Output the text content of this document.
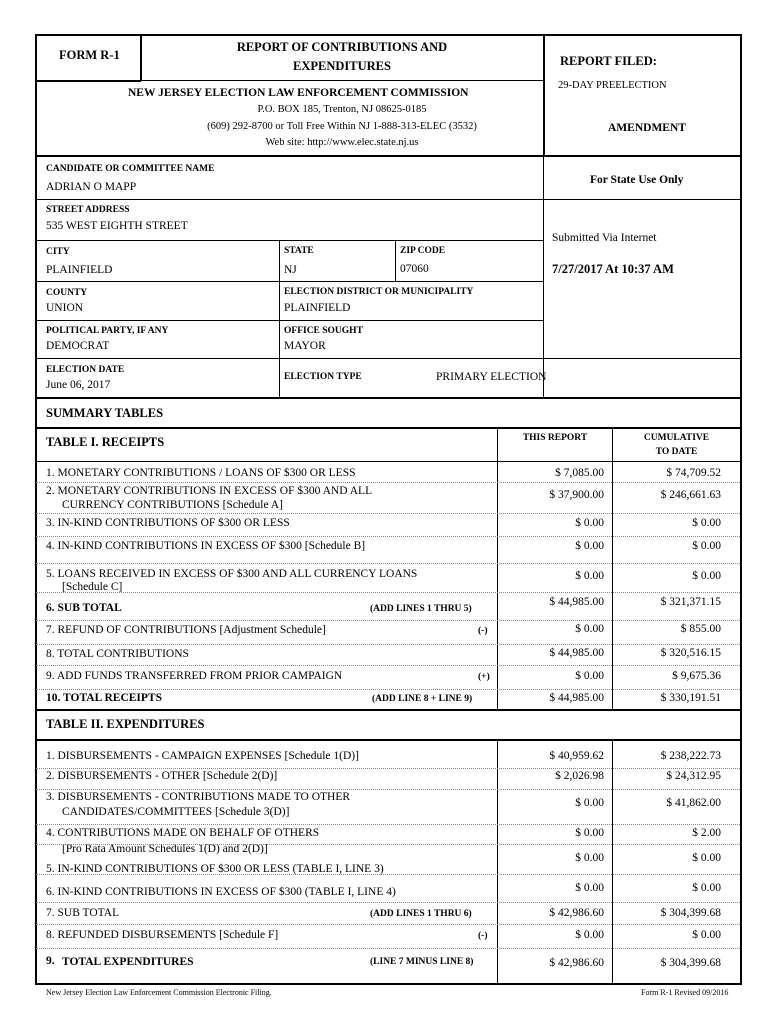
FORM R-1
REPORT OF CONTRIBUTIONS AND
EXPENDITURES
NEW JERSEY ELECTION LAW ENFORCEMENT COMMISSION
P.O. BOX 185, Trenton, NJ 08625-0185
(609) 292-8700 or Toll Free Within NJ 1-888-313-ELEC (3532)
Web site: http://www.elec.state.nj.us
REPORT FILED:
29-DAY PREELECTION
AMENDMENT
For State Use Only
Submitted Via Internet
7/27/2017 At 10:37 AM
CANDIDATE OR COMMITTEE NAME
ADRIAN O MAPP
STREET ADDRESS
535 WEST EIGHTH STREET
CITY
PLAINFIELD
STATE
NJ
ZIP CODE
07060
COUNTY
UNION
ELECTION DISTRICT OR MUNICIPALITY
PLAINFIELD
POLITICAL PARTY, IF ANY
DEMOCRAT
OFFICE SOUGHT
MAYOR
ELECTION DATE
June 06, 2017
ELECTION TYPE	PRIMARY ELECTION
SUMMARY TABLES
TABLE I. RECEIPTS	THIS REPORT	CUMULATIVE
TO DATE
1. MONETARY CONTRIBUTIONS / LOANS OF $300 OR LESS	$ 7,085.00	$ 74,709.52
2. MONETARY CONTRIBUTIONS IN EXCESS OF $300 AND ALL
CURRENCY CONTRIBUTIONS [Schedule A]
$ 37,900.00	$ 246,661.63
3. IN-KIND CONTRIBUTIONS OF $300 OR LESS	$ 0.00	$ 0.00
4. IN-KIND CONTRIBUTIONS IN EXCESS OF $300 [Schedule B]	$ 0.00	$ 0.00
5. LOANS RECEIVED IN EXCESS OF $300 AND ALL CURRENCY LOANS
[Schedule C]
$ 0.00	$ 0.00
6. SUB TOTAL	(ADD LINES 1 THRU 5)
$ 44,985.00	$ 321,371.15
7. REFUND OF CONTRIBUTIONS [Adjustment Schedule]	(-)	$ 0.00	$ 855.00
8. TOTAL CONTRIBUTIONS	$ 44,985.00	$ 320,516.15
9. ADD FUNDS TRANSFERRED FROM PRIOR CAMPAIGN	(+)	$ 0.00	$ 9,675.36
10. TOTAL RECEIPTS	(ADD LINE 8 + LINE 9)	$ 44,985.00	$ 330,191.51
TABLE II. EXPENDITURES
1. DISBURSEMENTS - CAMPAIGN EXPENSES [Schedule 1(D)]	$ 40,959.62	$ 238,222.73
2. DISBURSEMENTS - OTHER [Schedule 2(D)]	$ 2,026.98	$ 24,312.95
3. DISBURSEMENTS - CONTRIBUTIONS MADE TO OTHER
CANDIDATES/COMMITTEES [Schedule 3(D)]
$ 0.00	$ 41,862.00
4. CONTRIBUTIONS MADE ON BEHALF OF OTHERS
[Pro Rata Amount Schedules 1(D) and 2(D)]
$ 0.00	$ 2.00
5. IN-KIND CONTRIBUTIONS OF $300 OR LESS (TABLE I, LINE 3)
$ 0.00	$ 0.00
6. IN-KIND CONTRIBUTIONS IN EXCESS OF $300 (TABLE I, LINE 4)	$ 0.00	$ 0.00
7. SUB TOTAL	(ADD LINES 1 THRU 6)	$ 42,986.60	$ 304,399.68
8. REFUNDED DISBURSEMENTS [Schedule F]	(-)	$ 0.00	$ 0.00
9. TOTAL EXPENDITURES	(LINE 7 MINUS LINE 8)	$ 42,986.60	$ 304,399.68
New Jersey Election Law Enforcement Commission Electronic Filing.	Form R-1 Revised 09/2016
